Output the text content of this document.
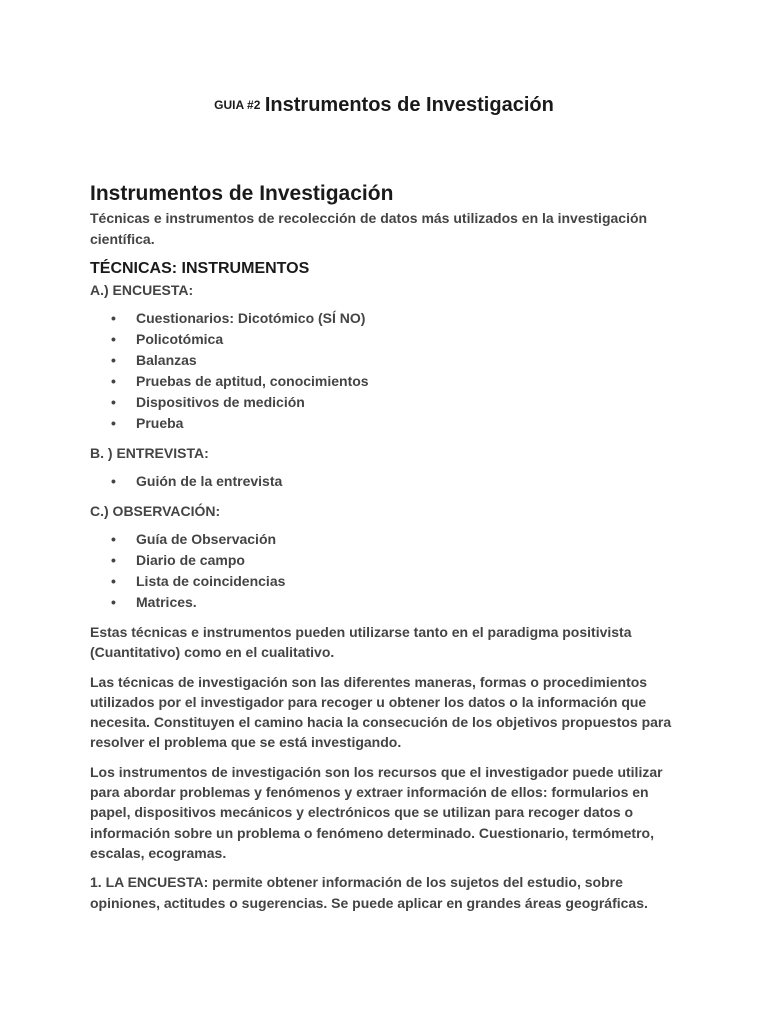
GUIA #2 Instrumentos de Investigación
Instrumentos de Investigación

Técnicas e instrumentos de recolección de datos más utilizados en la investigación científica.

TÉCNICAS: INSTRUMENTOS

A.) ENCUESTA:

• Cuestionarios: Dicotómico (SÍ NO)
• Policotómica
• Balanzas
• Pruebas de aptitud, conocimientos
• Dispositivos de medición
• Prueba

B. ) ENTREVISTA:

• Guión de la entrevista

C.) OBSERVACIÓN:

• Guía de Observación
• Diario de campo
• Lista de coincidencias
• Matrices.

Estas técnicas e instrumentos pueden utilizarse tanto en el paradigma positivista (Cuantitativo) como en el cualitativo.

Las técnicas de investigación son las diferentes maneras, formas o procedimientos utilizados por el investigador para recoger u obtener los datos o la información que necesita. Constituyen el camino hacia la consecución de los objetivos propuestos para resolver el problema que se está investigando.

Los instrumentos de investigación son los recursos que el investigador puede utilizar para abordar problemas y fenómenos y extraer información de ellos: formularios en papel, dispositivos mecánicos y electrónicos que se utilizan para recoger datos o información sobre un problema o fenómeno determinado. Cuestionario, termómetro, escalas, ecogramas.

1. LA ENCUESTA: permite obtener información de los sujetos del estudio, sobre opiniones, actitudes o sugerencias. Se puede aplicar en grandes áreas geográficas.
